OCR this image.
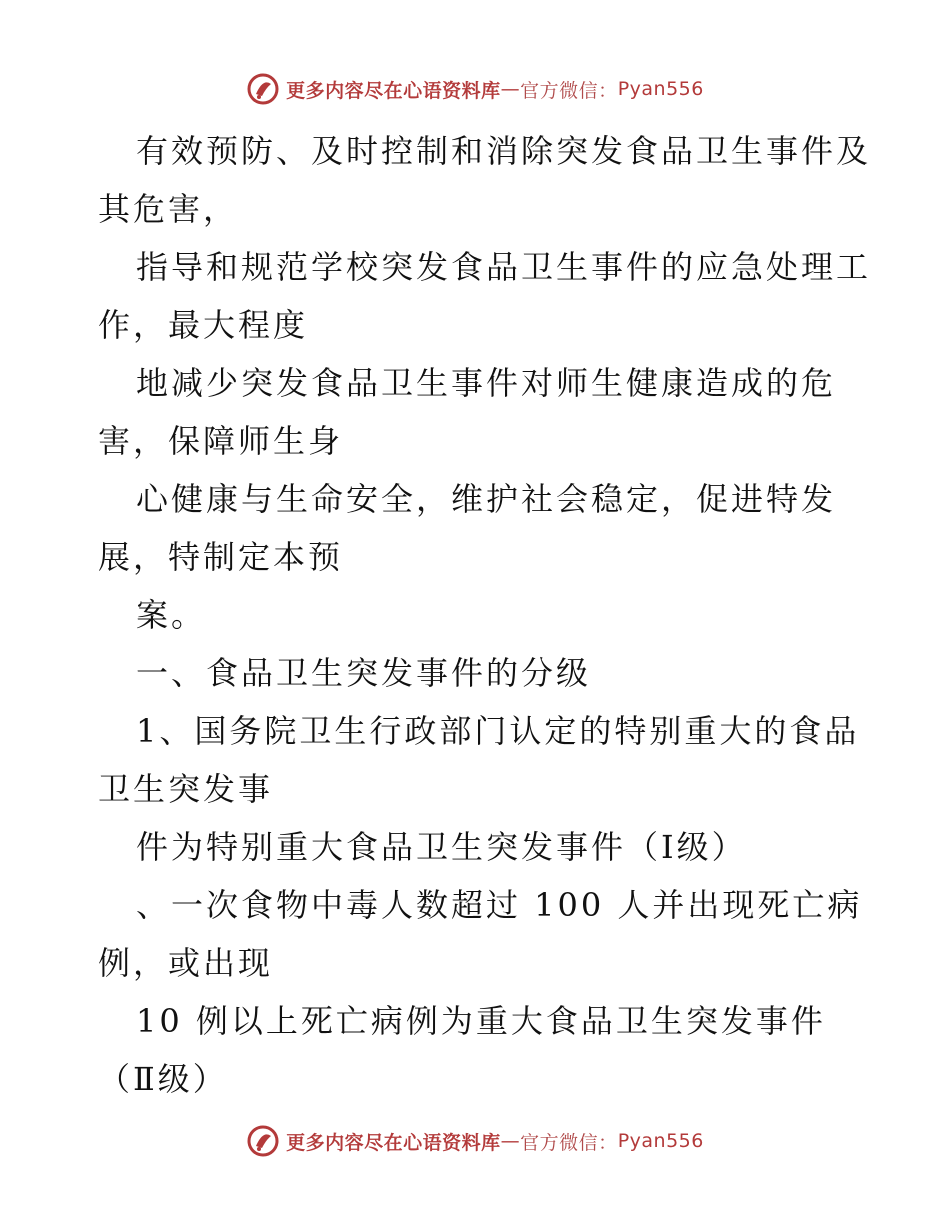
更多内容尽在心语资料库 — 官方微信： Pyan556
有效预防、及时控制和消除突发食品卫生事件及
其危害，
指导和规范学校突发食品卫生事件的应急处理工
作，最大程度
地减少突发食品卫生事件对师生健康造成的危
害，保障师生身
心健康与生命安全，维护社会稳定，促进特发
展，特制定本预
案。
一、食品卫生突发事件的分级
1、国务院卫生行政部门认定的特别重大的食品
卫生突发事
件为特别重大食品卫生突发事件（Ⅰ级）
、一次食物中毒人数超过 100 人并出现死亡病
例，或出现
10 例以上死亡病例为重大食品卫生突发事件
（Ⅱ级）
更多内容尽在心语资料库 — 官方微信： Pyan556
